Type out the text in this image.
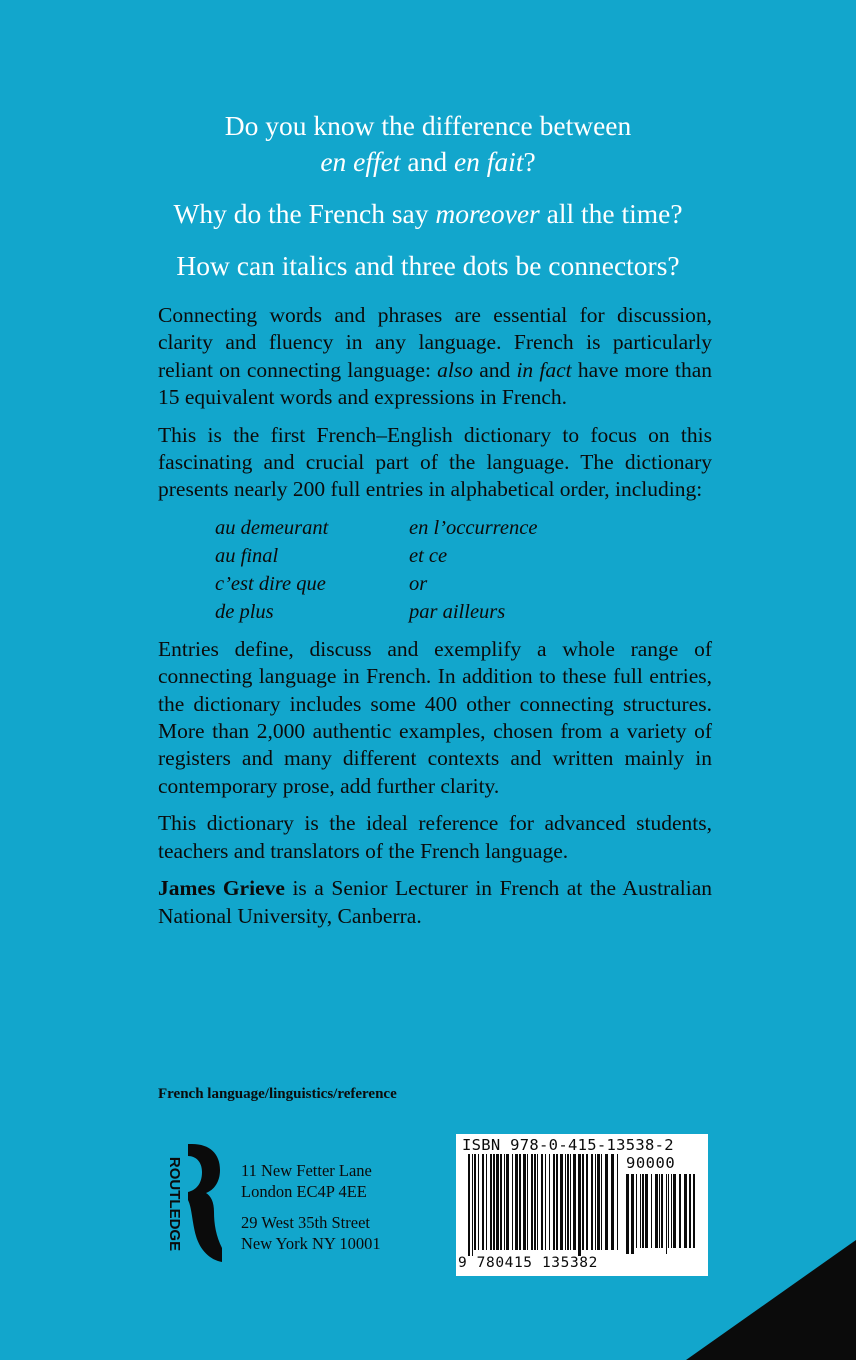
Do you know the difference between
en effet and en fait?

Why do the French say moreover all the time?

How can italics and three dots be connectors?

Connecting words and phrases are essential for discussion, clarity and fluency in any language. French is particularly reliant on connecting language: also and in fact have more than 15 equivalent words and expressions in French.

This is the first French–English dictionary to focus on this fascinating and crucial part of the language. The dictionary presents nearly 200 full entries in alphabetical order, including:

au demeurant	en l’occurrence
au final	et ce
c’est dire que	or
de plus	par ailleurs

Entries define, discuss and exemplify a whole range of connecting language in French. In addition to these full entries, the dictionary includes some 400 other connecting structures. More than 2,000 authentic examples, chosen from a variety of registers and many different contexts and written mainly in contemporary prose, add further clarity.

This dictionary is the ideal reference for advanced students, teachers and translators of the French language.

James Grieve is a Senior Lecturer in French at the Australian National University, Canberra.

French language/linguistics/reference
ROUTLEDGE	11 New Fetter Lane
London EC4P 4EE
29 West 35th Street
New York NY 10001
ISBN 978-0-415-13538-2
90000
9 780415 135382
